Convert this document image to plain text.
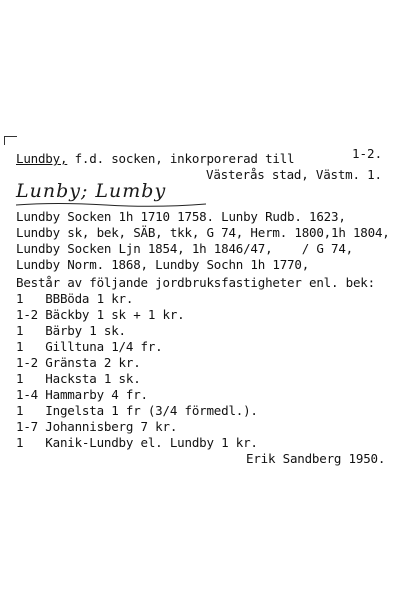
1-2.
Lundby, f.d. socken, inkorporerad till
Västerås stad, Västm. 1.
Lunby; Lumby
Lundby Socken 1h 1710 1758. Lunby Rudb. 1623,
Lundby sk, bek, SÄB, tkk, G 74, Herm. 1800,1h 1804,
Lundby Socken Ljn 1854, 1h 1846/47,    / G 74,
Lundby Norm. 1868, Lundby Sochn 1h 1770,
Består av följande jordbruksfastigheter enl. bek:
1   BBBöda 1 kr.
1-2 Bäckby 1 sk + 1 kr.
1   Bärby 1 sk.
1   Gilltuna 1/4 fr.
1-2 Gränsta 2 kr.
1   Hacksta 1 sk.
1-4 Hammarby 4 fr.
1   Ingelsta 1 fr (3/4 förmedl.).
1-7 Johannisberg 7 kr.
1   Kanik-Lundby el. Lundby 1 kr.
Erik Sandberg 1950.
